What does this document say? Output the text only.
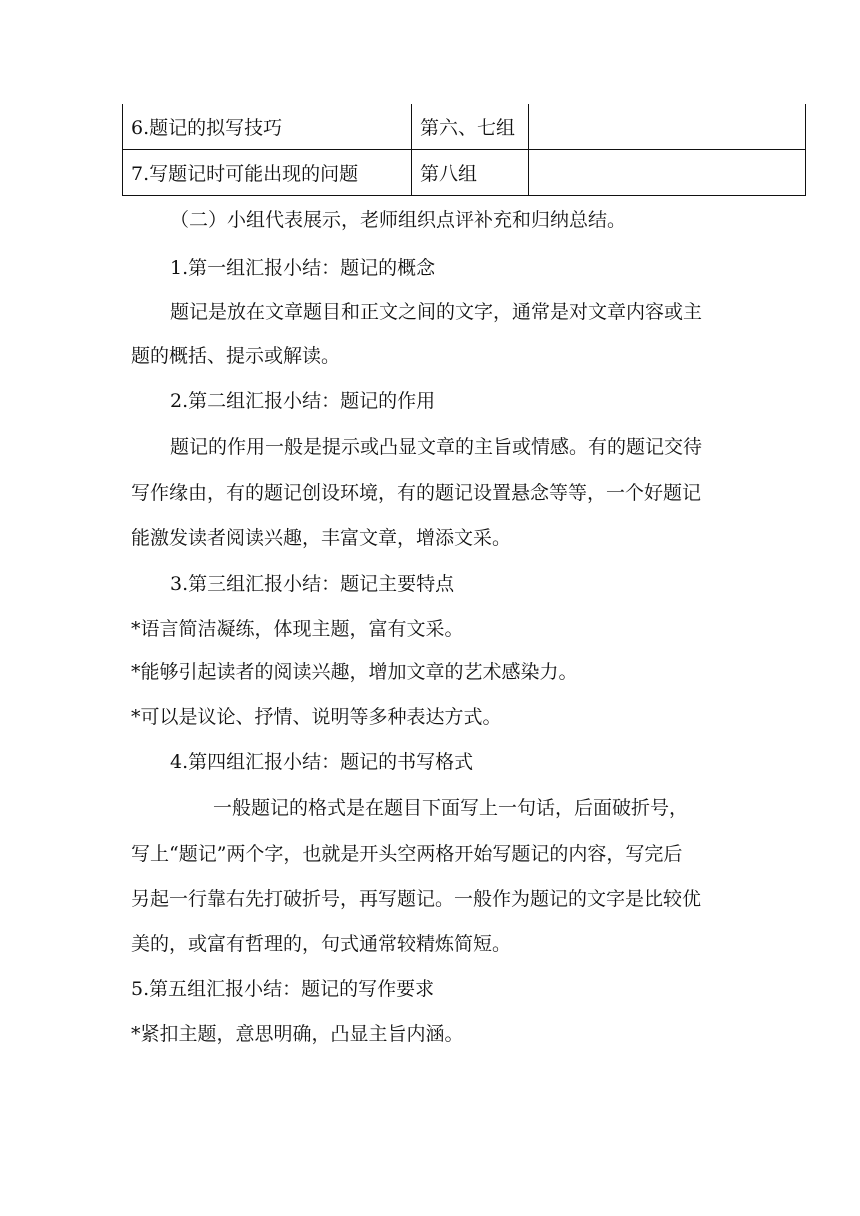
6.题记的拟写技巧	第六、七组	
7.写题记时可能出现的问题	第八组	
（二）小组代表展示，老师组织点评补充和归纳总结。
1.第一组汇报小结：题记的概念
题记是放在文章题目和正文之间的文字，通常是对文章内容或主
题的概括、提示或解读。
2.第二组汇报小结：题记的作用
题记的作用一般是提示或凸显文章的主旨或情感。有的题记交待
写作缘由，有的题记创设环境，有的题记设置悬念等等，一个好题记
能激发读者阅读兴趣，丰富文章，增添文采。
3.第三组汇报小结：题记主要特点
*语言简洁凝练，体现主题，富有文采。
*能够引起读者的阅读兴趣，增加文章的艺术感染力。
*可以是议论、抒情、说明等多种表达方式。
4.第四组汇报小结：题记的书写格式
一般题记的格式是在题目下面写上一句话，后面破折号，
写上“题记”两个字，也就是开头空两格开始写题记的内容，写完后
另起一行靠右先打破折号，再写题记。一般作为题记的文字是比较优
美的，或富有哲理的，句式通常较精炼简短。
5.第五组汇报小结：题记的写作要求
*紧扣主题，意思明确，凸显主旨内涵。
